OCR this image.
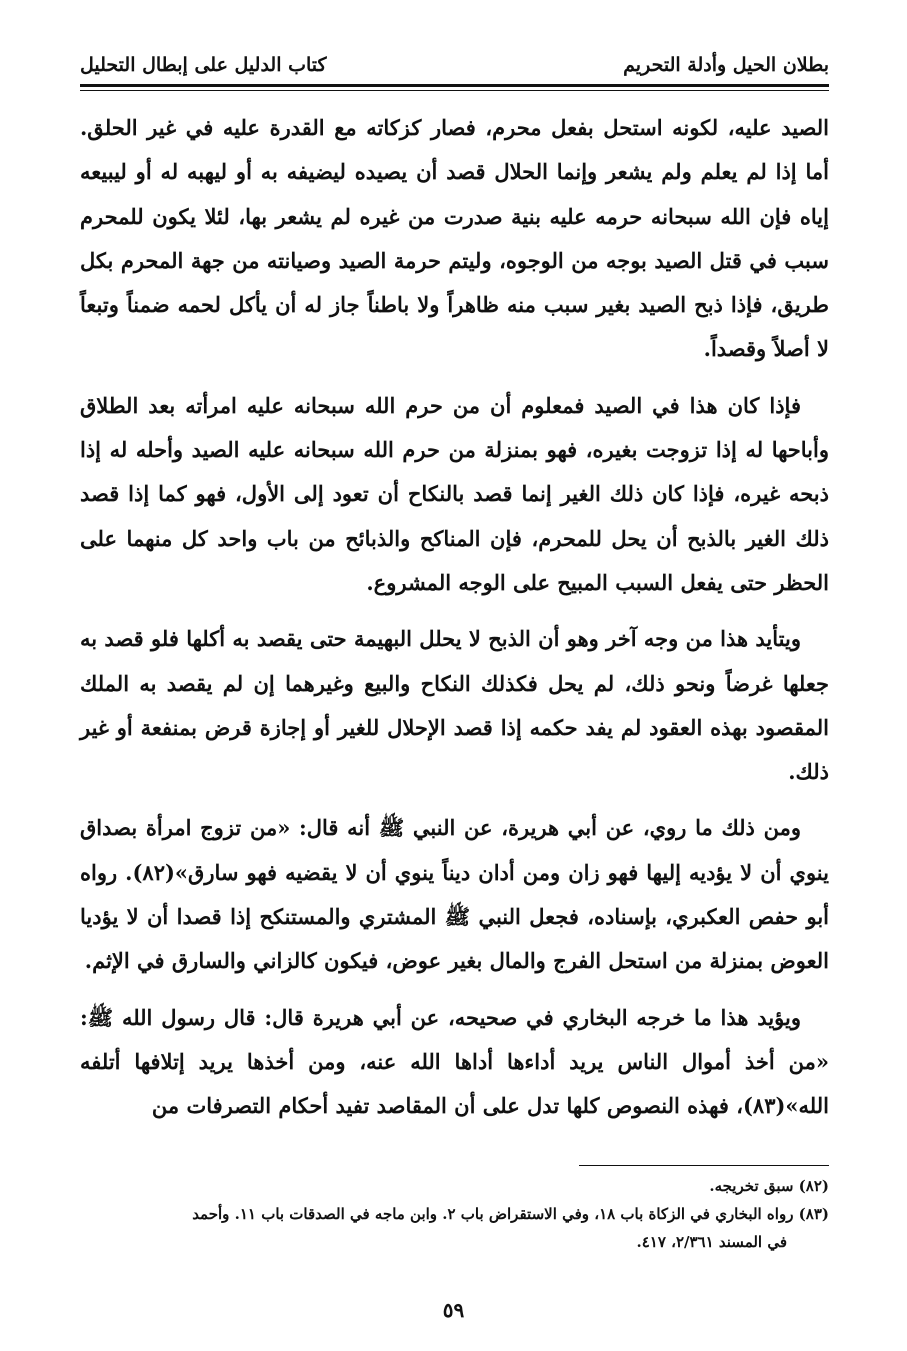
بطلان الحيل وأدلة التحريم
كتاب الدليل على إبطال التحليل

الصيد عليه، لكونه استحل بفعل محرم، فصار كزكاته مع القدرة عليه في غير الحلق. أما إذا لم يعلم ولم يشعر وإنما الحلال قصد أن يصيده ليضيفه به أو ليهبه له أو ليبيعه إياه فإن الله سبحانه حرمه عليه بنية صدرت من غيره لم يشعر بها، لئلا يكون للمحرم سبب في قتل الصيد بوجه من الوجوه، وليتم حرمة الصيد وصيانته من جهة المحرم بكل طريق، فإذا ذبح الصيد بغير سبب منه ظاهراً ولا باطناً جاز له أن يأكل لحمه ضمناً وتبعاً لا أصلاً وقصداً.

فإذا كان هذا في الصيد فمعلوم أن من حرم الله سبحانه عليه امرأته بعد الطلاق وأباحها له إذا تزوجت بغيره، فهو بمنزلة من حرم الله سبحانه عليه الصيد وأحله له إذا ذبحه غيره، فإذا كان ذلك الغير إنما قصد بالنكاح أن تعود إلى الأول، فهو كما إذا قصد ذلك الغير بالذبح أن يحل للمحرم، فإن المناكح والذبائح من باب واحد كل منهما على الحظر حتى يفعل السبب المبيح على الوجه المشروع.

ويتأيد هذا من وجه آخر وهو أن الذبح لا يحلل البهيمة حتى يقصد به أكلها فلو قصد به جعلها غرضاً ونحو ذلك، لم يحل فكذلك النكاح والبيع وغيرهما إن لم يقصد به الملك المقصود بهذه العقود لم يفد حكمه إذا قصد الإحلال للغير أو إجازة قرض بمنفعة أو غير ذلك.

ومن ذلك ما روي، عن أبي هريرة، عن النبي ﷺ أنه قال: «من تزوج امرأة بصداق ينوي أن لا يؤديه إليها فهو زان ومن أدان ديناً ينوي أن لا يقضيه فهو سارق»(٨٢). رواه أبو حفص العكبري، بإسناده، فجعل النبي ﷺ المشتري والمستنكح إذا قصدا أن لا يؤديا العوض بمنزلة من استحل الفرج والمال بغير عوض، فيكون كالزاني والسارق في الإثم.

ويؤيد هذا ما خرجه البخاري في صحيحه، عن أبي هريرة قال: قال رسول الله ﷺ: «من أخذ أموال الناس يريد أداءها أداها الله عنه، ومن أخذها يريد إتلافها أتلفه الله»(٨٣)، فهذه النصوص كلها تدل على أن المقاصد تفيد أحكام التصرفات من

(٨٢) سبق تخريجه.
(٨٣) رواه البخاري في الزكاة باب ١٨، وفي الاستقراض باب ٢. وابن ماجه في الصدقات باب ١١. وأحمد
في المسند ٢/٣٦١، ٤١٧.
٥٩
